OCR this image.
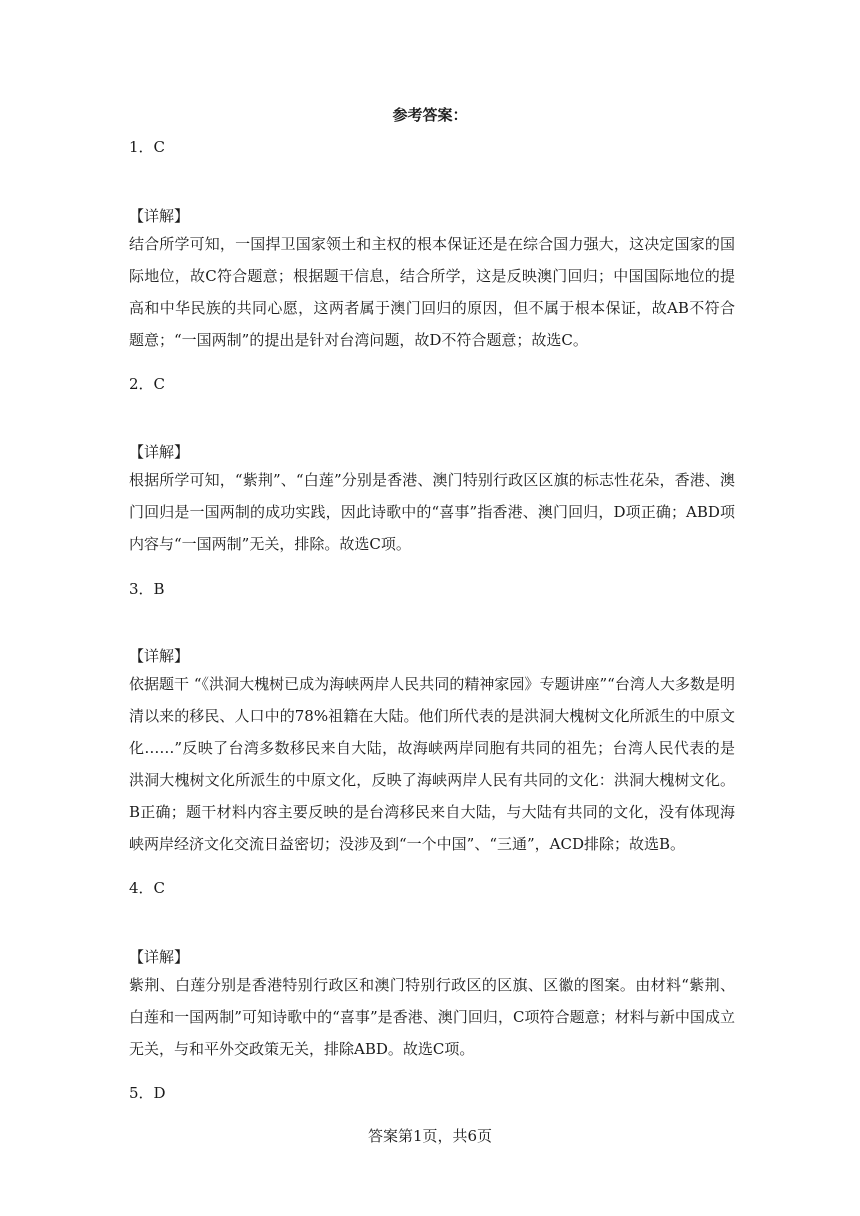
参考答案：
1．C
【详解】
结合所学可知，一国捍卫国家领土和主权的根本保证还是在综合国力强大，这决定国家的国际地位，故C符合题意；根据题干信息，结合所学，这是反映澳门回归；中国国际地位的提高和中华民族的共同心愿，这两者属于澳门回归的原因，但不属于根本保证，故AB不符合题意；“一国两制”的提出是针对台湾问题，故D不符合题意；故选C。
2．C
【详解】
根据所学可知，“紫荆”、“白莲”分别是香港、澳门特别行政区区旗的标志性花朵，香港、澳门回归是一国两制的成功实践，因此诗歌中的“喜事”指香港、澳门回归，D项正确；ABD项内容与“一国两制”无关，排除。故选C项。
3．B
【详解】
依据题干 “《洪洞大槐树已成为海峡两岸人民共同的精神家园》专题讲座”“台湾人大多数是明清以来的移民、人口中的78%祖籍在大陆。他们所代表的是洪洞大槐树文化所派生的中原文化……”反映了台湾多数移民来自大陆，故海峡两岸同胞有共同的祖先；台湾人民代表的是洪洞大槐树文化所派生的中原文化，反映了海峡两岸人民有共同的文化：洪洞大槐树文化。B正确；题干材料内容主要反映的是台湾移民来自大陆，与大陆有共同的文化，没有体现海峡两岸经济文化交流日益密切；没涉及到“一个中国”、“三通”，ACD排除；故选B。
4．C
【详解】
紫荆、白莲分别是香港特别行政区和澳门特别行政区的区旗、区徽的图案。由材料“紫荆、白莲和一国两制”可知诗歌中的“喜事”是香港、澳门回归，C项符合题意；材料与新中国成立无关，与和平外交政策无关，排除ABD。故选C项。
5．D
答案第1页，共6页
